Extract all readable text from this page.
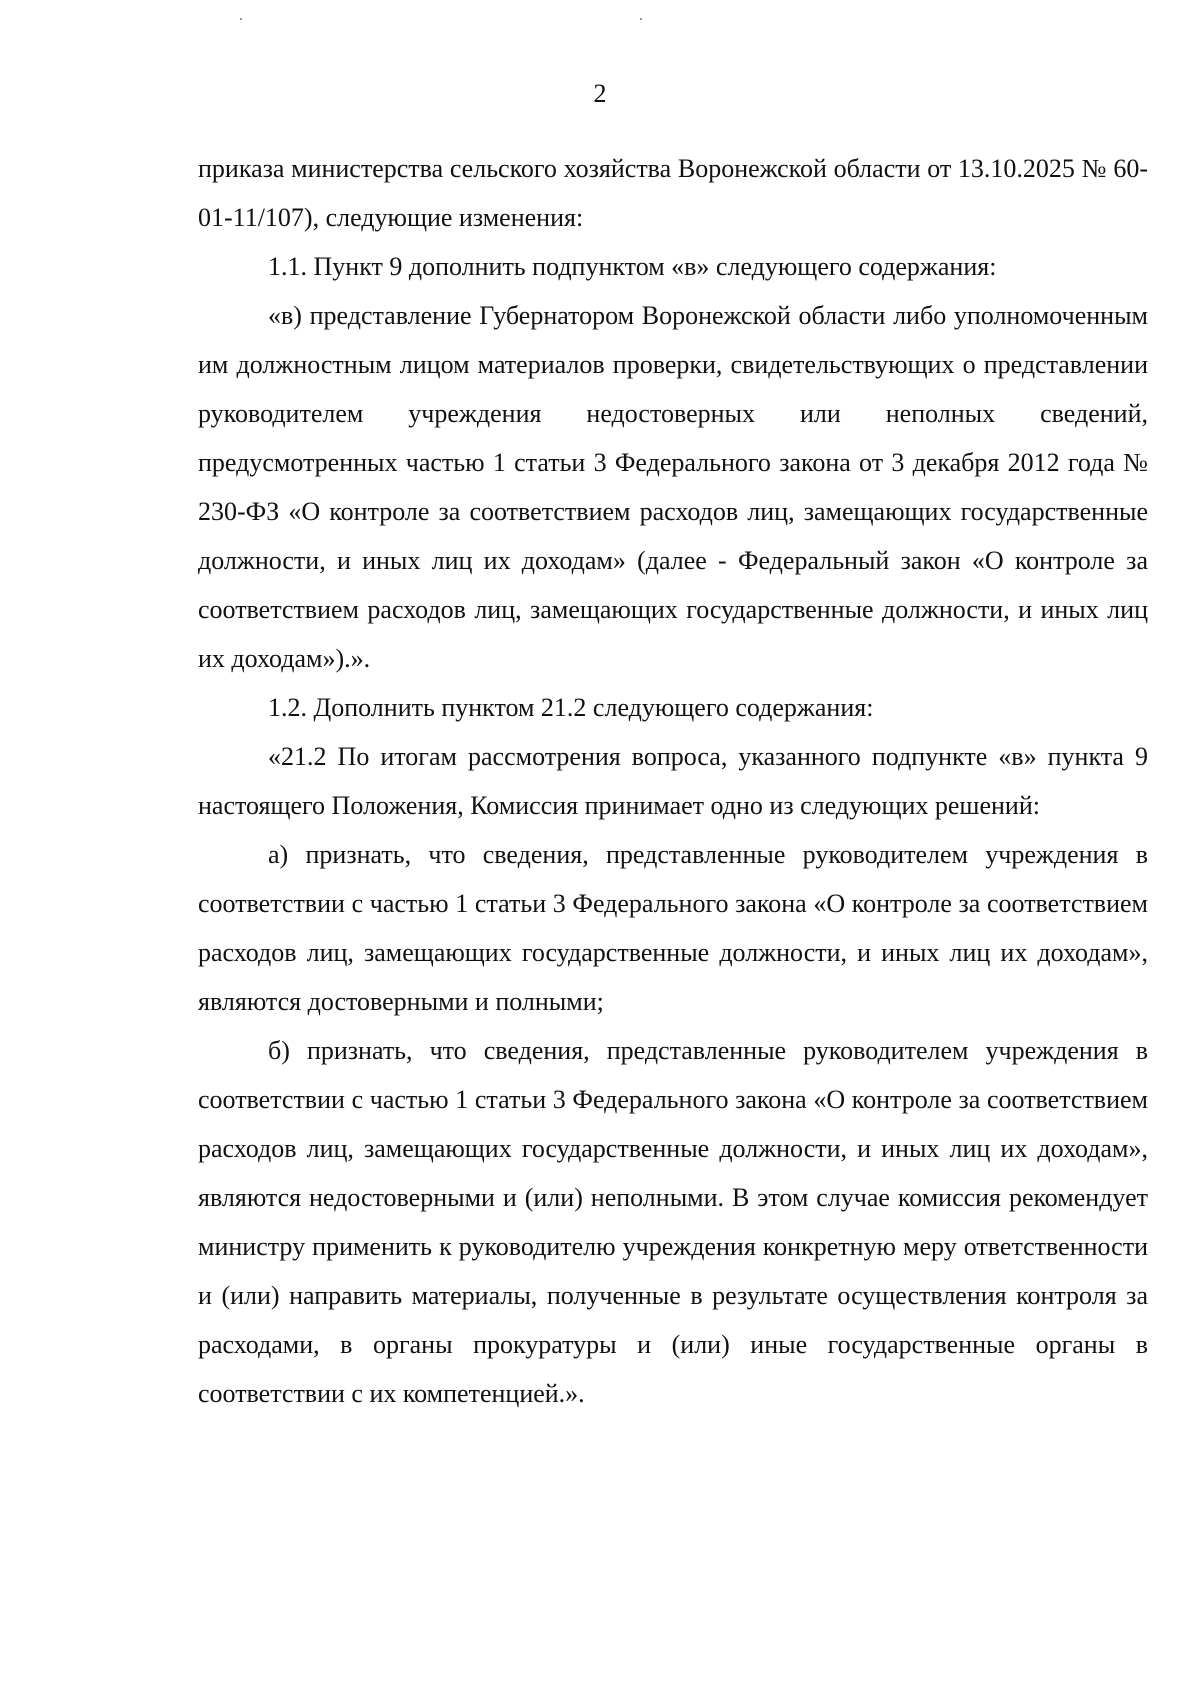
2

приказа министерства сельского хозяйства Воронежской области от 13.10.2025 № 60-01-11/107), следующие изменения:

1.1. Пункт 9 дополнить подпунктом «в» следующего содержания:

«в) представление Губернатором Воронежской области либо уполномоченным им должностным лицом материалов проверки, свидетельствующих о представлении руководителем учреждения недостоверных или неполных сведений, предусмотренных частью 1 статьи 3 Федерального закона от 3 декабря 2012 года № 230-ФЗ «О контроле за соответствием расходов лиц, замещающих государственные должности, и иных лиц их доходам» (далее - Федеральный закон «О контроле за соответствием расходов лиц, замещающих государственные должности, и иных лиц их доходам»).».

1.2. Дополнить пунктом 21.2 следующего содержания:

«21.2 По итогам рассмотрения вопроса, указанного подпункте «в» пункта 9 настоящего Положения, Комиссия принимает одно из следующих решений:

а) признать, что сведения, представленные руководителем учреждения в соответствии с частью 1 статьи 3 Федерального закона «О контроле за соответствием расходов лиц, замещающих государственные должности, и иных лиц их доходам», являются достоверными и полными;

б) признать, что сведения, представленные руководителем учреждения в соответствии с частью 1 статьи 3 Федерального закона «О контроле за соответствием расходов лиц, замещающих государственные должности, и иных лиц их доходам», являются недостоверными и (или) неполными. В этом случае комиссия рекомендует министру применить к руководителю учреждения конкретную меру ответственности и (или) направить материалы, полученные в результате осуществления контроля за расходами, в органы прокуратуры и (или) иные государственные органы в соответствии с их компетенцией.».
